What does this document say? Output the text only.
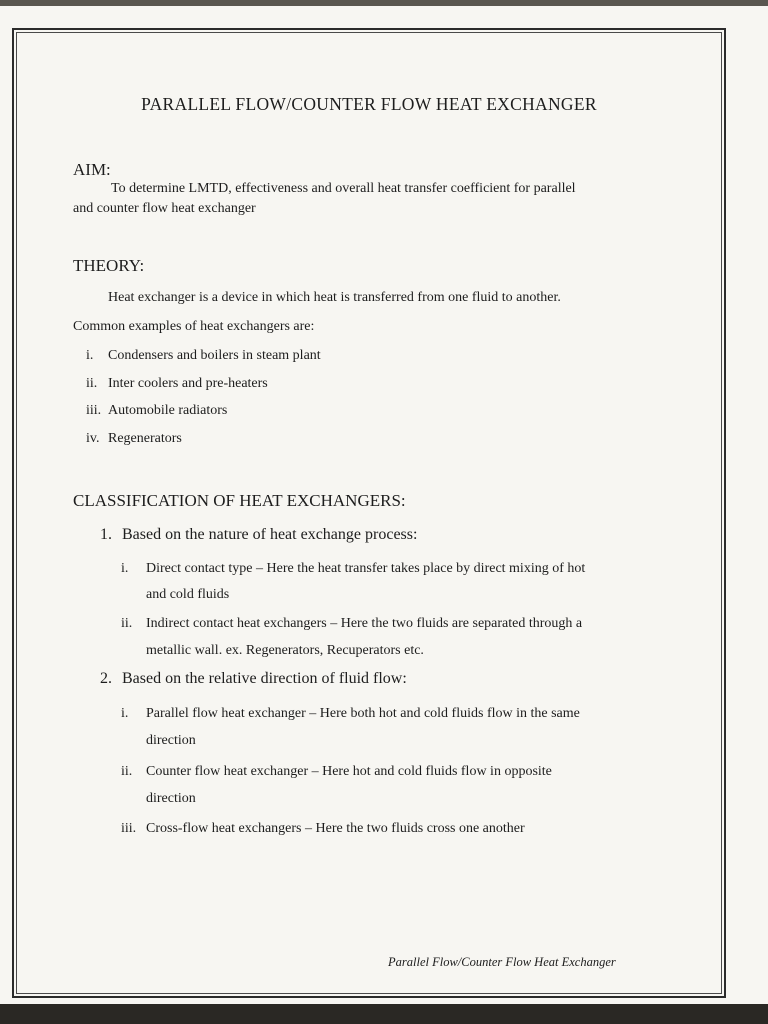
PARALLEL FLOW/COUNTER FLOW HEAT EXCHANGER
AIM:
To determine LMTD, effectiveness and overall heat transfer coefficient for parallel
and counter flow heat exchanger
THEORY:
Heat exchanger is a device in which heat is transferred from one fluid to another.
Common examples of heat exchangers are:
i. Condensers and boilers in steam plant
ii. Inter coolers and pre-heaters
iii. Automobile radiators
iv. Regenerators
CLASSIFICATION OF HEAT EXCHANGERS:
1. Based on the nature of heat exchange process:
i. Direct contact type – Here the heat transfer takes place by direct mixing of hot
and cold fluids
ii. Indirect contact heat exchangers – Here the two fluids are separated through a
metallic wall. ex. Regenerators, Recuperators etc.
2. Based on the relative direction of fluid flow:
i. Parallel flow heat exchanger – Here both hot and cold fluids flow in the same
direction
ii. Counter flow heat exchanger – Here hot and cold fluids flow in opposite
direction
iii. Cross-flow heat exchangers – Here the two fluids cross one another
Parallel Flow/Counter Flow Heat Exchanger
